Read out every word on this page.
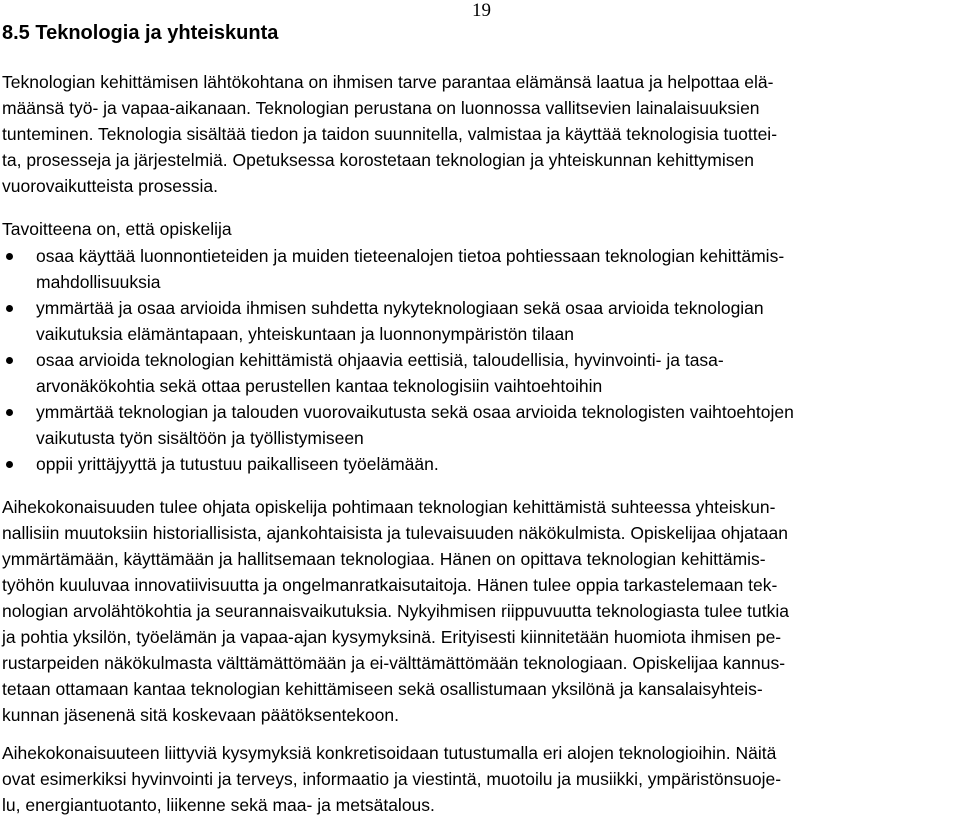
19
8.5 Teknologia ja yhteiskunta
Teknologian kehittämisen lähtökohtana on ihmisen tarve parantaa elämänsä laatua ja helpottaa elä-
määnsä työ- ja vapaa-aikanaan. Teknologian perustana on luonnossa vallitsevien lainalaisuuksien
tunteminen. Teknologia sisältää tiedon ja taidon suunnitella, valmistaa ja käyttää teknologisia tuottei-
ta, prosesseja ja järjestelmiä. Opetuksessa korostetaan teknologian ja yhteiskunnan kehittymisen
vuorovaikutteista prosessia.
Tavoitteena on, että opiskelija
osaa käyttää luonnontieteiden ja muiden tieteenalojen tietoa pohtiessaan teknologian kehittämis-
mahdollisuuksia
ymmärtää ja osaa arvioida ihmisen suhdetta nykyteknologiaan sekä osaa arvioida teknologian
vaikutuksia elämäntapaan, yhteiskuntaan ja luonnonympäristön tilaan
osaa arvioida teknologian kehittämistä ohjaavia eettisiä, taloudellisia, hyvinvointi- ja tasa-
arvonäkökohtia sekä ottaa perustellen kantaa teknologisiin vaihtoehtoihin
ymmärtää teknologian ja talouden vuorovaikutusta sekä osaa arvioida teknologisten vaihtoehtojen
vaikutusta työn sisältöön ja työllistymiseen
oppii yrittäjyyttä ja tutustuu paikalliseen työelämään.
Aihekokonaisuuden tulee ohjata opiskelija pohtimaan teknologian kehittämistä suhteessa yhteiskun-
nallisiin muutoksiin historiallisista, ajankohtaisista ja tulevaisuuden näkökulmista. Opiskelijaa ohjataan
ymmärtämään, käyttämään ja hallitsemaan teknologiaa. Hänen on opittava teknologian kehittämis-
työhön kuuluvaa innovatiivisuutta ja ongelmanratkaisutaitoja. Hänen tulee oppia tarkastelemaan tek-
nologian arvolähtökohtia ja seurannaisvaikutuksia. Nykyihmisen riippuvuutta teknologiasta tulee tutkia
ja pohtia yksilön, työelämän ja vapaa-ajan kysymyksinä. Erityisesti kiinnitetään huomiota ihmisen pe-
rustarpeiden näkökulmasta välttämättömään ja ei-välttämättömään teknologiaan. Opiskelijaa kannus-
tetaan ottamaan kantaa teknologian kehittämiseen sekä osallistumaan yksilönä ja kansalaisyhteis-
kunnan jäsenenä sitä koskevaan päätöksentekoon.
Aihekokonaisuuteen liittyviä kysymyksiä konkretisoidaan tutustumalla eri alojen teknologioihin. Näitä
ovat esimerkiksi hyvinvointi ja terveys, informaatio ja viestintä, muotoilu ja musiikki, ympäristönsuoje-
lu, energiantuotanto, liikenne sekä maa- ja metsätalous.
